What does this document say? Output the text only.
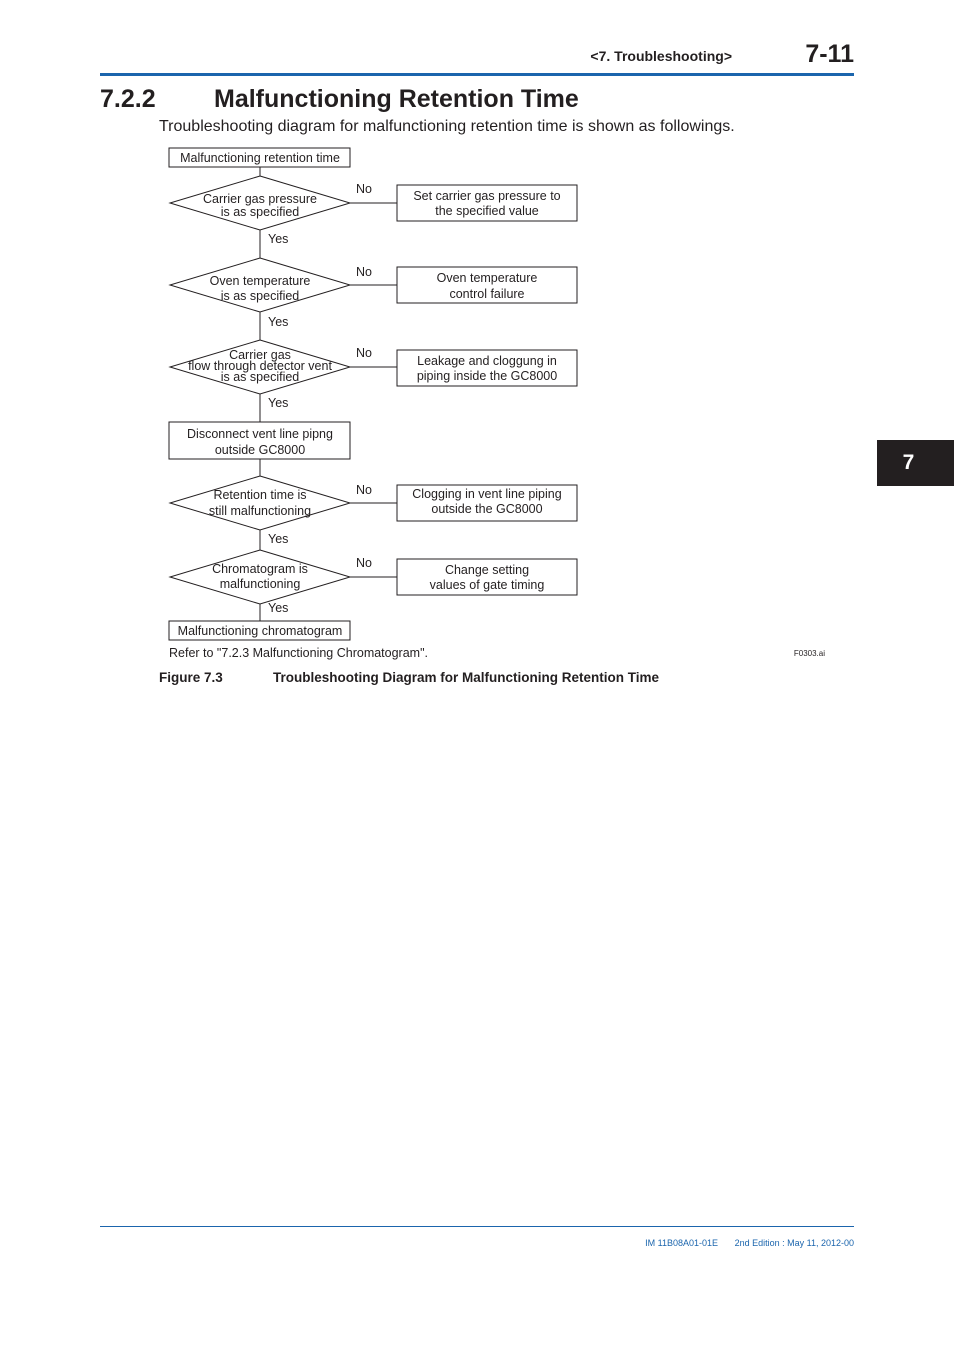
<7. Troubleshooting>	7-11
7.2.2 Malfunctioning Retention Time
Troubleshooting diagram for malfunctioning retention time is shown as followings.
7
Malfunctioning retention time
Disconnect vent line pipng
outside GC8000
Malfunctioning chromatogram
Carrier gas pressure
is as specified
Oven temperature
is as specified
Carrier gas
flow through detector vent
is as specified
Retention time is
still malfunctioning
Chromatogram is
malfunctioning
Set carrier gas pressure to
the specified value
Oven temperature
control failure
Leakage and cloggung in
piping inside the GC8000
Clogging in vent line piping
outside the GC8000
Change setting
values of gate timing
No
No
No
No
No
Yes
Yes
Yes
Yes
Yes
Refer to "7.2.3 Malfunctioning Chromatogram".	F0303.ai
Figure 7.3	Troubleshooting Diagram for Malfunctioning Retention Time
IM 11B08A01-01E	2nd Edition : May 11, 2012-00
